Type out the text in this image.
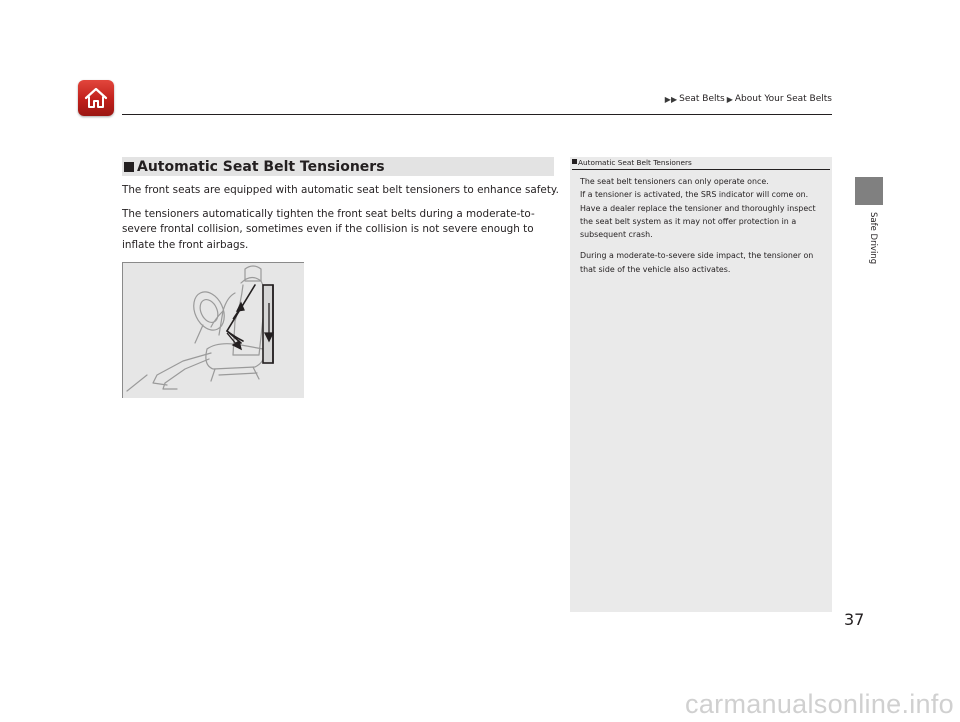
▶▶ Seat Belts ▶ About Your Seat Belts
Safe Driving
Automatic Seat Belt Tensioners

The front seats are equipped with automatic seat belt tensioners to enhance safety.

The tensioners automatically tighten the front seat belts during a moderate-to-severe frontal collision, sometimes even if the collision is not severe enough to inflate the front airbags.

Automatic Seat Belt Tensioners
The seat belt tensioners can only operate once.

If a tensioner is activated, the SRS indicator will come on. Have a dealer replace the tensioner and thoroughly inspect the seat belt system as it may not offer protection in a subsequent crash.

During a moderate-to-severe side impact, the tensioner on that side of the vehicle also activates.

37
carmanualsonline.info
